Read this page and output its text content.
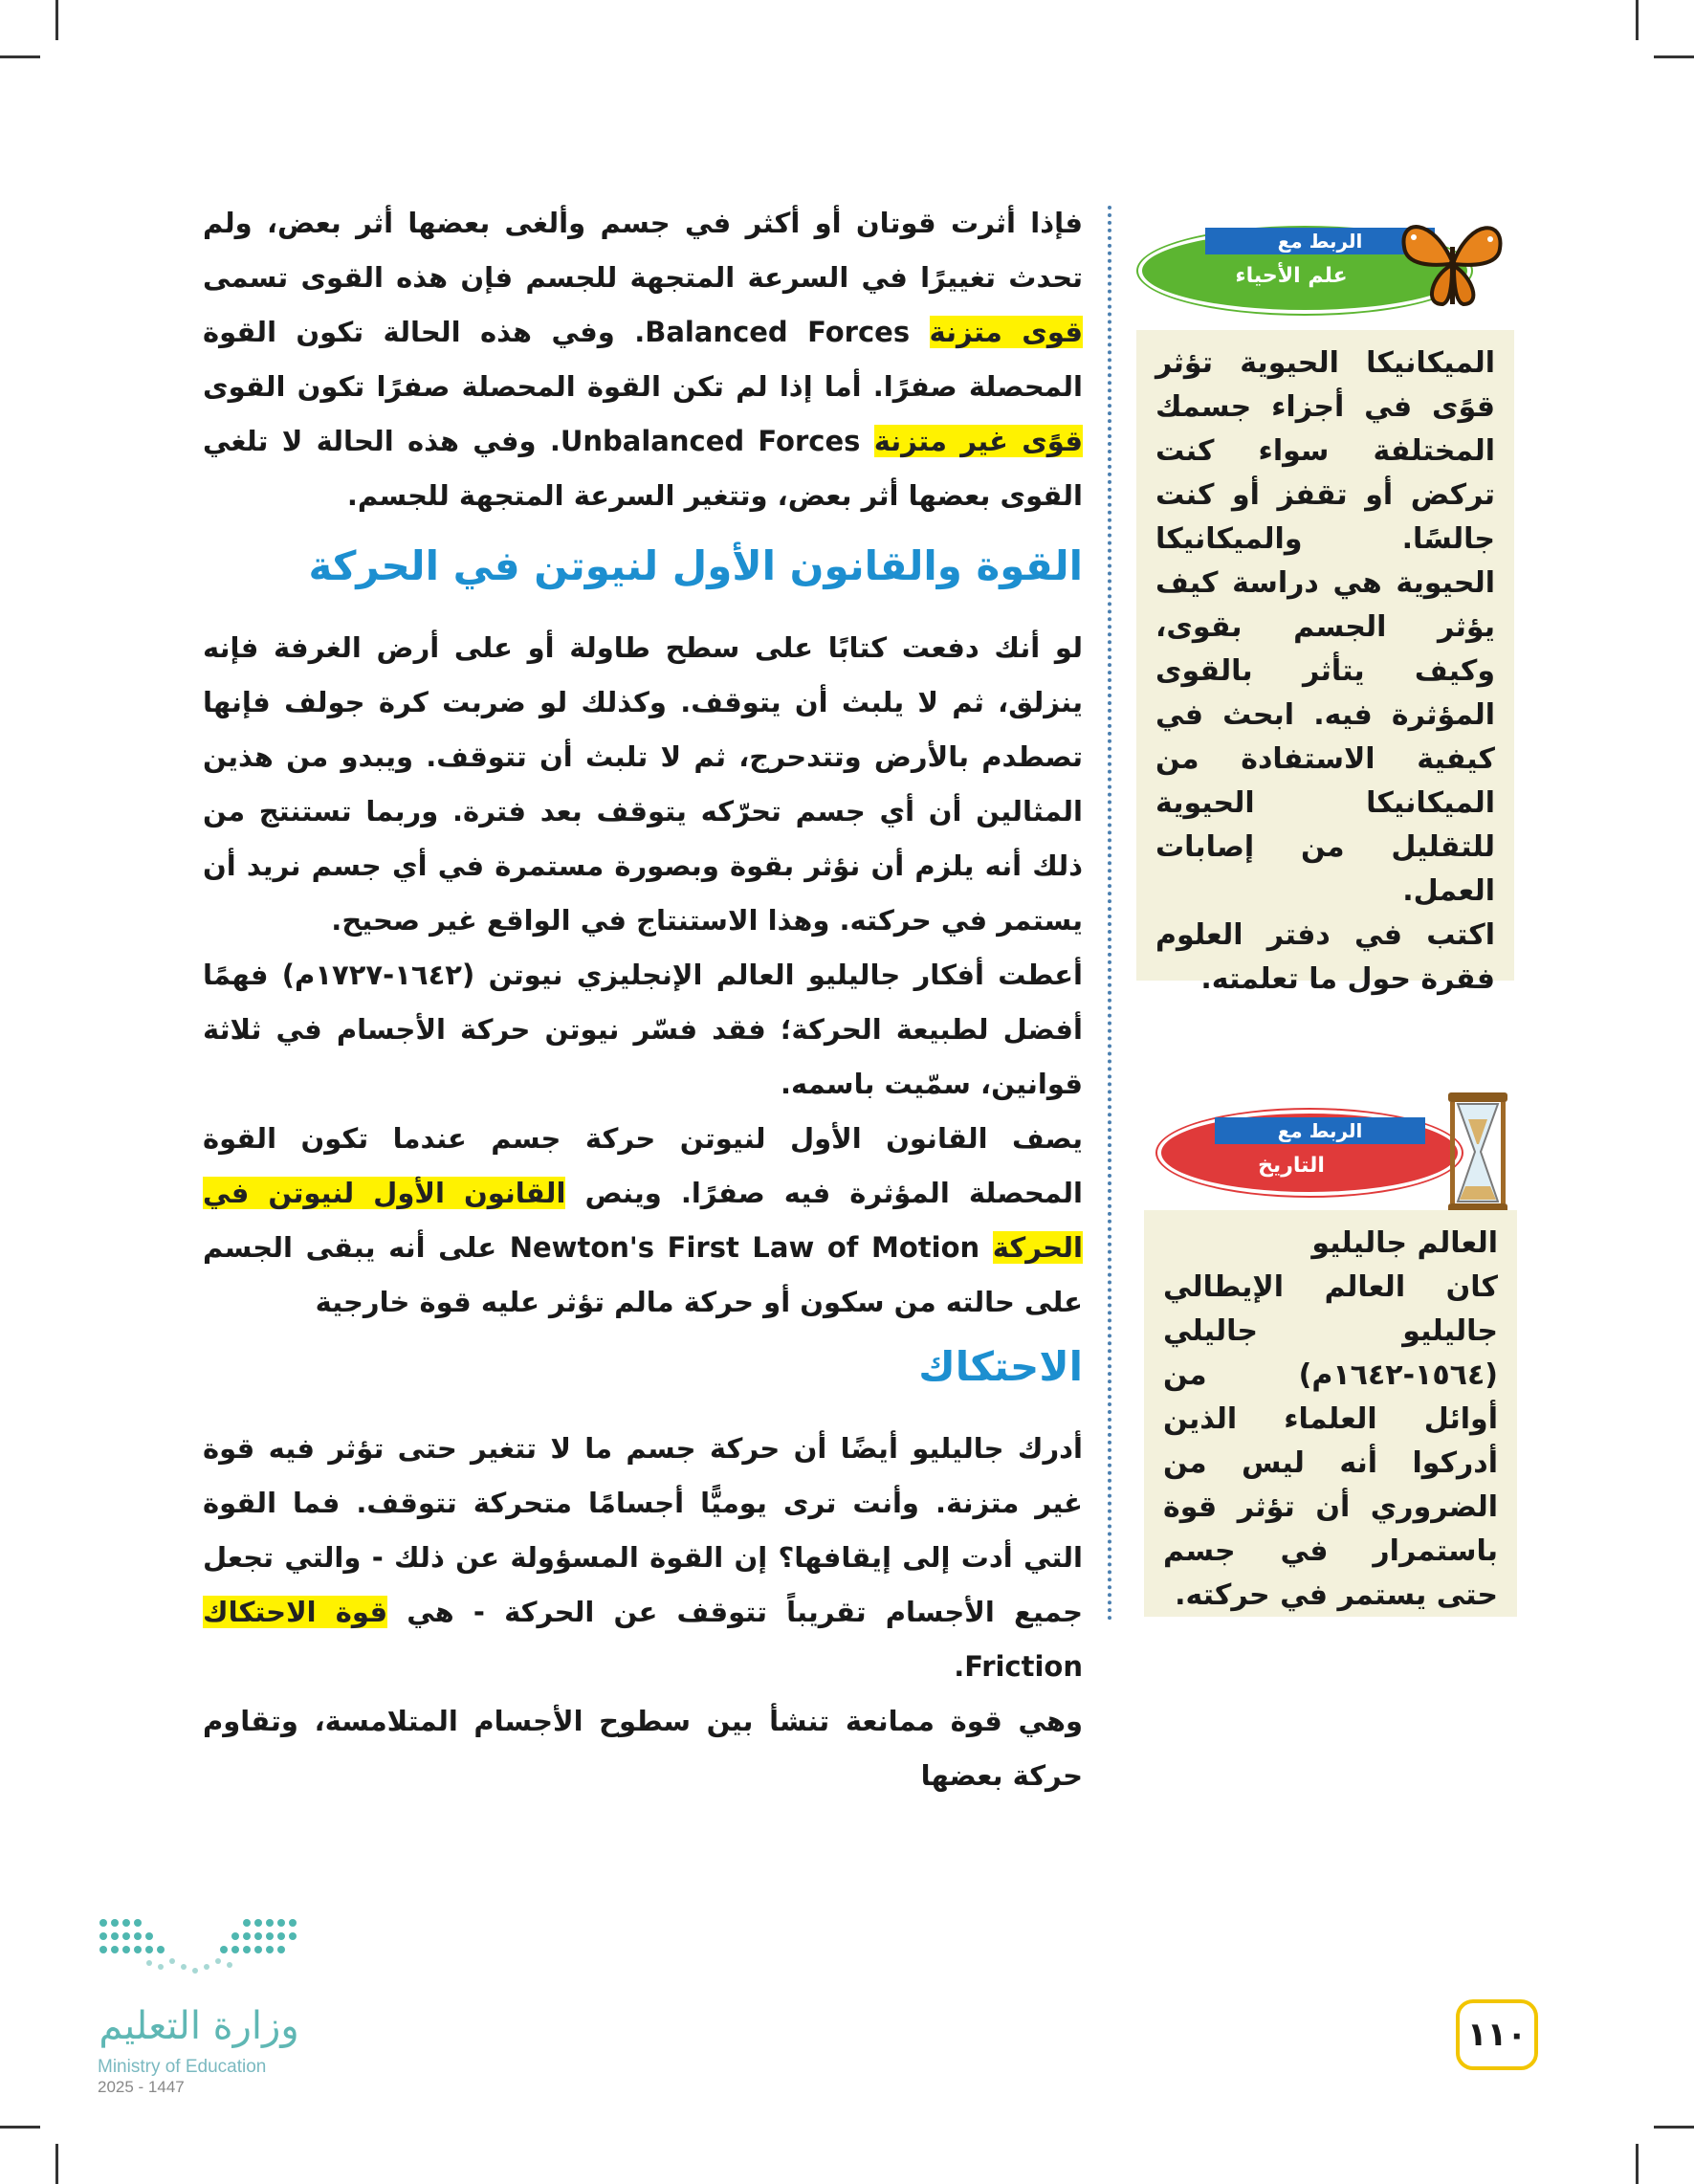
فإذا أثرت قوتان أو أكثر في جسم وألغى بعضها أثر بعض، ولم تحدث تغييرًا في السرعة المتجهة للجسم فإن هذه القوى تسمى قوى متزنة Balanced Forces. وفي هذه الحالة تكون القوة المحصلة صفرًا. أما إذا لم تكن القوة المحصلة صفرًا تكون القوى قوًى غير متزنة Unbalanced Forces. وفي هذه الحالة لا تلغي القوى بعضها أثر بعض، وتتغير السرعة المتجهة للجسم.

القوة والقانون الأول لنيوتن في الحركة

لو أنك دفعت كتابًا على سطح طاولة أو على أرض الغرفة فإنه ينزلق، ثم لا يلبث أن يتوقف. وكذلك لو ضربت كرة جولف فإنها تصطدم بالأرض وتتدحرج، ثم لا تلبث أن تتوقف. ويبدو من هذين المثالين أن أي جسم تحرّكه يتوقف بعد فترة. وربما تستنتج من ذلك أنه يلزم أن نؤثر بقوة وبصورة مستمرة في أي جسم نريد أن يستمر في حركته. وهذا الاستنتاج في الواقع غير صحيح.

أعطت أفكار جاليليو العالم الإنجليزي نيوتن (١٦٤٢-١٧٢٧م) فهمًا أفضل لطبيعة الحركة؛ فقد فسّر نيوتن حركة الأجسام في ثلاثة قوانين، سمّيت باسمه.

يصف القانون الأول لنيوتن حركة جسم عندما تكون القوة المحصلة المؤثرة فيه صفرًا. وينص القانون الأول لنيوتن في الحركة Newton's First Law of Motion على أنه يبقى الجسم على حالته من سكون أو حركة مالم تؤثر عليه قوة خارجية

الاحتكاك

أدرك جاليليو أيضًا أن حركة جسم ما لا تتغير حتى تؤثر فيه قوة غير متزنة. وأنت ترى يوميًّا أجسامًا متحركة تتوقف. فما القوة التي أدت إلى إيقافها؟ إن القوة المسؤولة عن ذلك - والتي تجعل جميع الأجسام تقريباً تتوقف عن الحركة - هي قوة الاحتكاك Friction.

وهي قوة ممانعة تنشأ بين سطوح الأجسام المتلامسة، وتقاوم حركة بعضها

الربط مع
علم الأحياء

الميكانيكا الحيوية تؤثر قوًى في أجزاء جسمك المختلفة سواء كنت تركض أو تقفز أو كنت جالسًا. والميكانيكا الحيوية هي دراسة كيف يؤثر الجسم بقوى، وكيف يتأثر بالقوى المؤثرة فيه. ابحث في كيفية الاستفادة من الميكانيكا الحيوية للتقليل من إصابات العمل.

اكتب في دفتر العلوم فقرة حول ما تعلمته.

الربط مع
التاريخ

العالم جاليليو

كان العالم الإيطالي جاليليو جاليلي (١٥٦٤-١٦٤٢م) من أوائل العلماء الذين أدركوا أنه ليس من الضروري أن تؤثر قوة باستمرار في جسم حتى يستمر في حركته.

وزارة التعليم
Ministry of Education
2025 - 1447
١١٠
